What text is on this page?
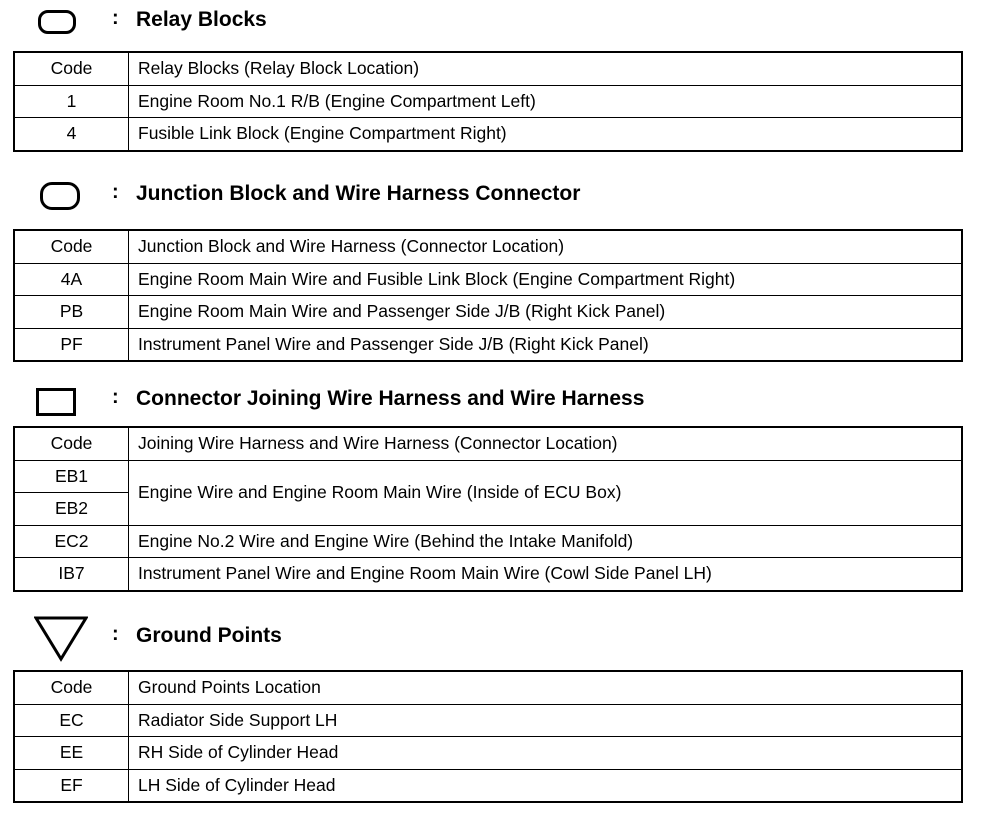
: Relay Blocks
Code	Relay Blocks (Relay Block Location)
1	Engine Room No.1 R/B (Engine Compartment Left)
4	Fusible Link Block (Engine Compartment Right)
: Junction Block and Wire Harness Connector
Code	Junction Block and Wire Harness (Connector Location)
4A	Engine Room Main Wire and Fusible Link Block (Engine Compartment Right)
PB	Engine Room Main Wire and Passenger Side J/B (Right Kick Panel)
PF	Instrument Panel Wire and Passenger Side J/B (Right Kick Panel)
: Connector Joining Wire Harness and Wire Harness
Code	Joining Wire Harness and Wire Harness (Connector Location)
EB1	Engine Wire and Engine Room Main Wire (Inside of ECU Box)
EB2	
EC2	Engine No.2 Wire and Engine Wire (Behind the Intake Manifold)
IB7	Instrument Panel Wire and Engine Room Main Wire (Cowl Side Panel LH)
: Ground Points
Code	Ground Points Location
EC	Radiator Side Support LH
EE	RH Side of Cylinder Head
EF	LH Side of Cylinder Head
